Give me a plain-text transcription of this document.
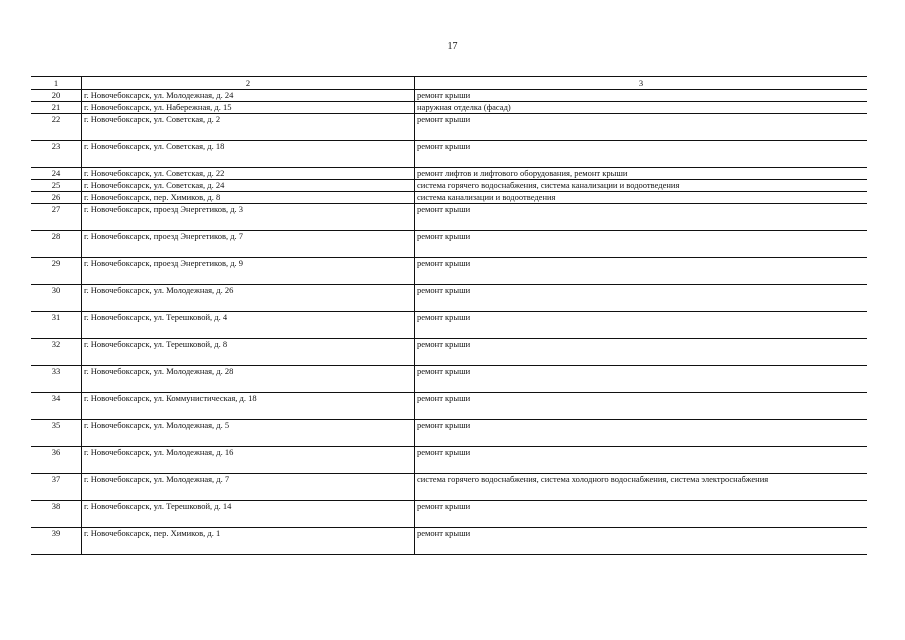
17
1	2	3
20	г. Новочебоксарск, ул. Молодежная, д. 24	ремонт крыши
21	г. Новочебоксарск, ул. Набережная, д. 15	наружная отделка (фасад)
22	г. Новочебоксарск, ул. Советская, д. 2	ремонт крыши
23	г. Новочебоксарск, ул. Советская, д. 18	ремонт крыши
24	г. Новочебоксарск, ул. Советская, д. 22	ремонт лифтов и лифтового оборудования, ремонт крыши
25	г. Новочебоксарск, ул. Советская, д. 24	система горячего водоснабжения, система канализации и водоотведения
26	г. Новочебоксарск, пер. Химиков, д. 8	система канализации и водоотведения
27	г. Новочебоксарск, проезд Энергетиков, д. 3	ремонт крыши
28	г. Новочебоксарск, проезд Энергетиков, д. 7	ремонт крыши
29	г. Новочебоксарск, проезд Энергетиков, д. 9	ремонт крыши
30	г. Новочебоксарск, ул. Молодежная, д. 26	ремонт крыши
31	г. Новочебоксарск, ул. Терешковой, д. 4	ремонт крыши
32	г. Новочебоксарск, ул. Терешковой, д. 8	ремонт крыши
33	г. Новочебоксарск, ул. Молодежная, д. 28	ремонт крыши
34	г. Новочебоксарск, ул. Коммунистическая, д. 18	ремонт крыши
35	г. Новочебоксарск, ул. Молодежная, д. 5	ремонт крыши
36	г. Новочебоксарск, ул. Молодежная, д. 16	ремонт крыши
37	г. Новочебоксарск, ул. Молодежная, д. 7	система горячего водоснабжения, система холодного водоснабжения, система электроснабжения
38	г. Новочебоксарск, ул. Терешковой, д. 14	ремонт крыши
39	г. Новочебоксарск, пер. Химиков, д. 1	ремонт крыши
